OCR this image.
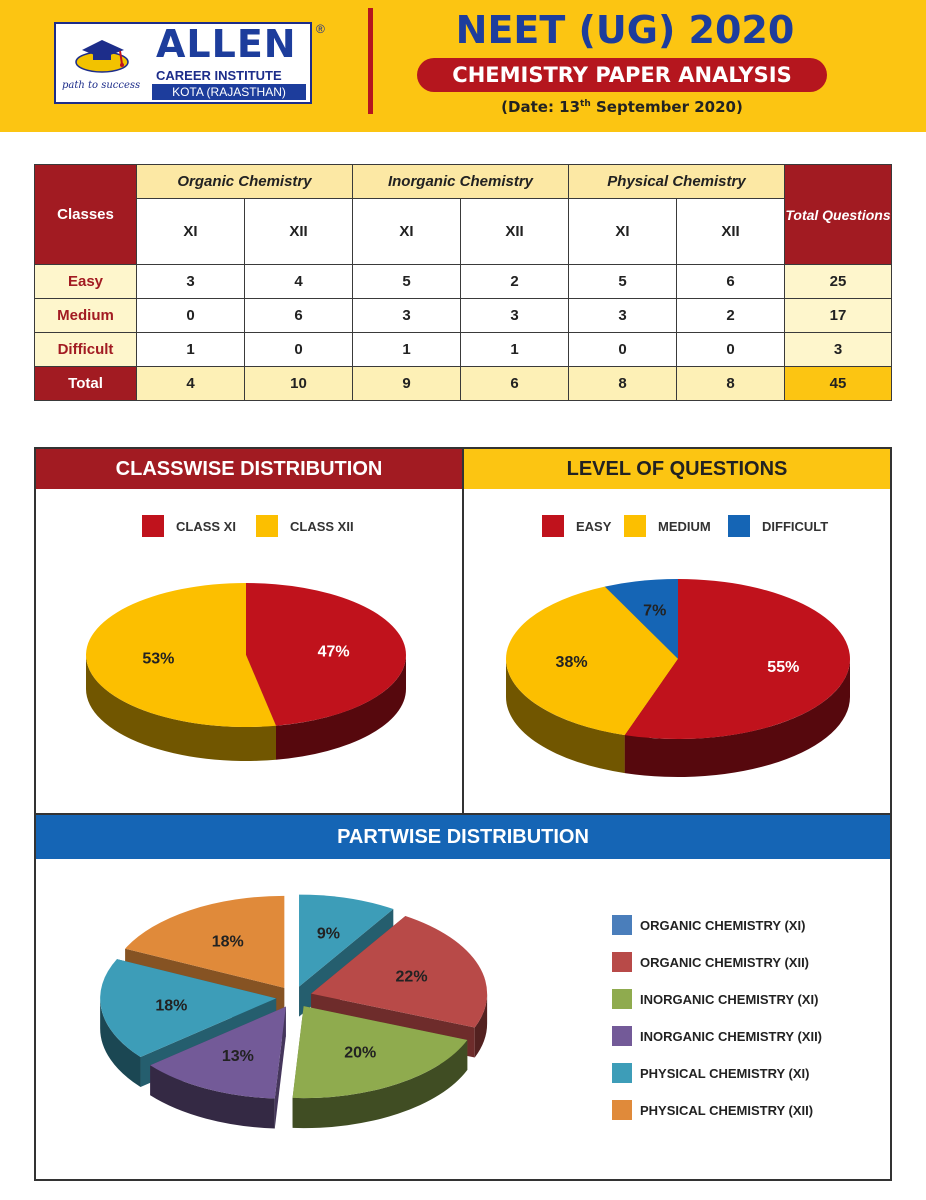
path to success
ALLEN
CAREER INSTITUTE
KOTA (RAJASTHAN)
®	NEET (UG) 2020
CHEMISTRY PAPER ANALYSIS
(Date: 13th September 2020)
Classes	Organic Chemistry		Inorganic Chemistry		Physical Chemistry		Total Questions
	XI	XII	XI	XII	XI	XII	
Easy	3	4	5	2	5	6	25
Medium	0	6	3	3	3	2	17
Difficult	1	0	1	1	0	0	3
Total	4	10	9	6	8	8	45
CLASSWISE DISTRIBUTION
CLASS XI	CLASS XII
47%
53%
LEVEL OF QUESTIONS
EASY	MEDIUM	DIFFICULT
55%
38%
7%
PARTWISE DISTRIBUTION
9%
22%
20%
13%
18%
18%
ORGANIC CHEMISTRY (XI)
ORGANIC CHEMISTRY (XII)
INORGANIC CHEMISTRY (XI)
INORGANIC CHEMISTRY (XII)
PHYSICAL CHEMISTRY (XI)
PHYSICAL CHEMISTRY (XII)
